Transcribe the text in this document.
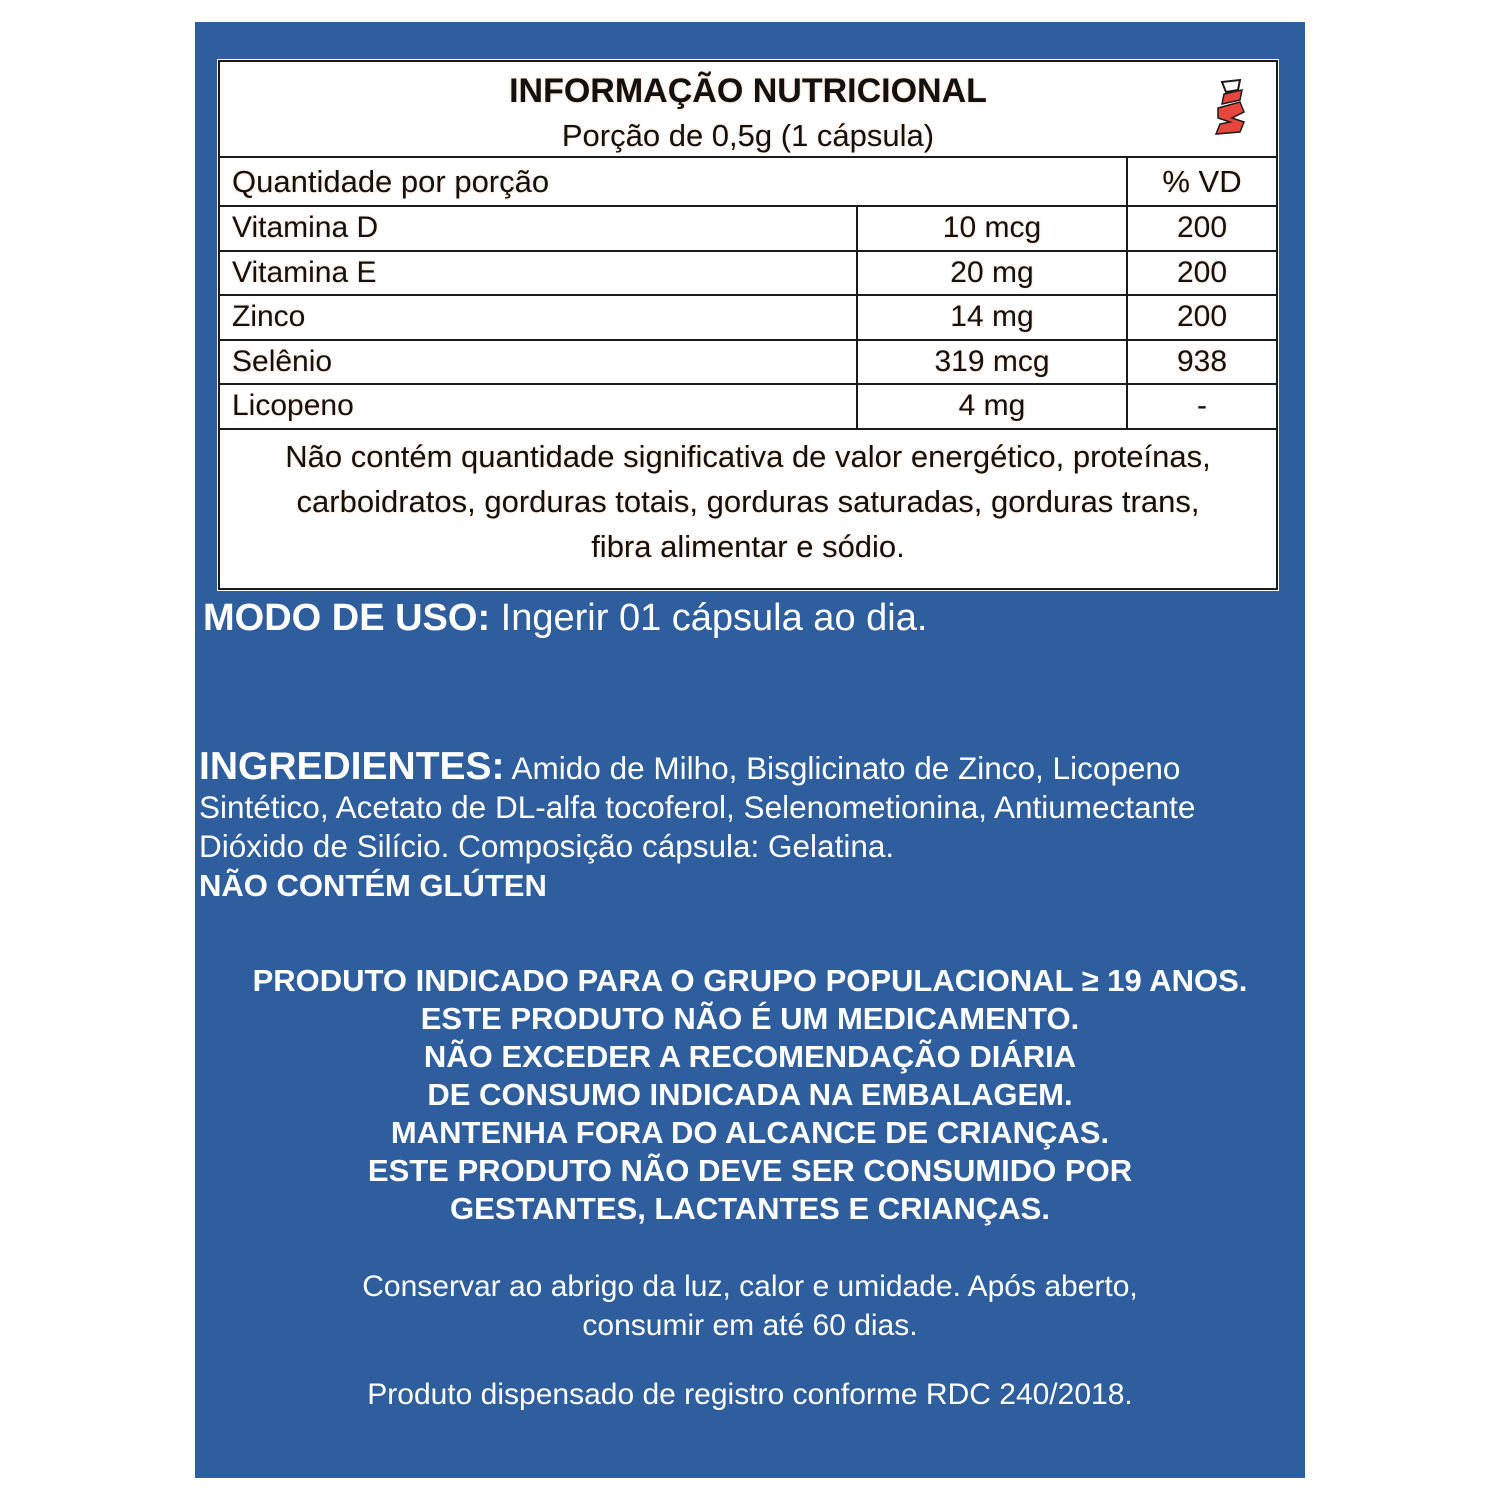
INFORMAÇÃO NUTRICIONAL
Porção de 0,5g (1 cápsula)
Quantidade por porção	% VD
Vitamina D	10 mcg	200
Vitamina E	20 mg	200
Zinco	14 mg	200
Selênio	319 mcg	938
Licopeno	4 mg	-
Não contém quantidade significativa de valor energético, proteínas,
carboidratos, gorduras totais, gorduras saturadas, gorduras trans,
fibra alimentar e sódio.
MODO DE USO: Ingerir 01 cápsula ao dia.
INGREDIENTES: Amido de Milho, Bisglicinato de Zinco, Licopeno Sintético, Acetato de DL-alfa tocoferol, Selenometionina, Antiumectante Dióxido de Silício. Composição cápsula: Gelatina.
NÃO CONTÉM GLÚTEN
PRODUTO INDICADO PARA O GRUPO POPULACIONAL ≥ 19 ANOS.
ESTE PRODUTO NÃO É UM MEDICAMENTO.
NÃO EXCEDER A RECOMENDAÇÃO DIÁRIA
DE CONSUMO INDICADA NA EMBALAGEM.
MANTENHA FORA DO ALCANCE DE CRIANÇAS.
ESTE PRODUTO NÃO DEVE SER CONSUMIDO POR
GESTANTES, LACTANTES E CRIANÇAS.
Conservar ao abrigo da luz, calor e umidade. Após aberto,
consumir em até 60 dias.
Produto dispensado de registro conforme RDC 240/2018.
